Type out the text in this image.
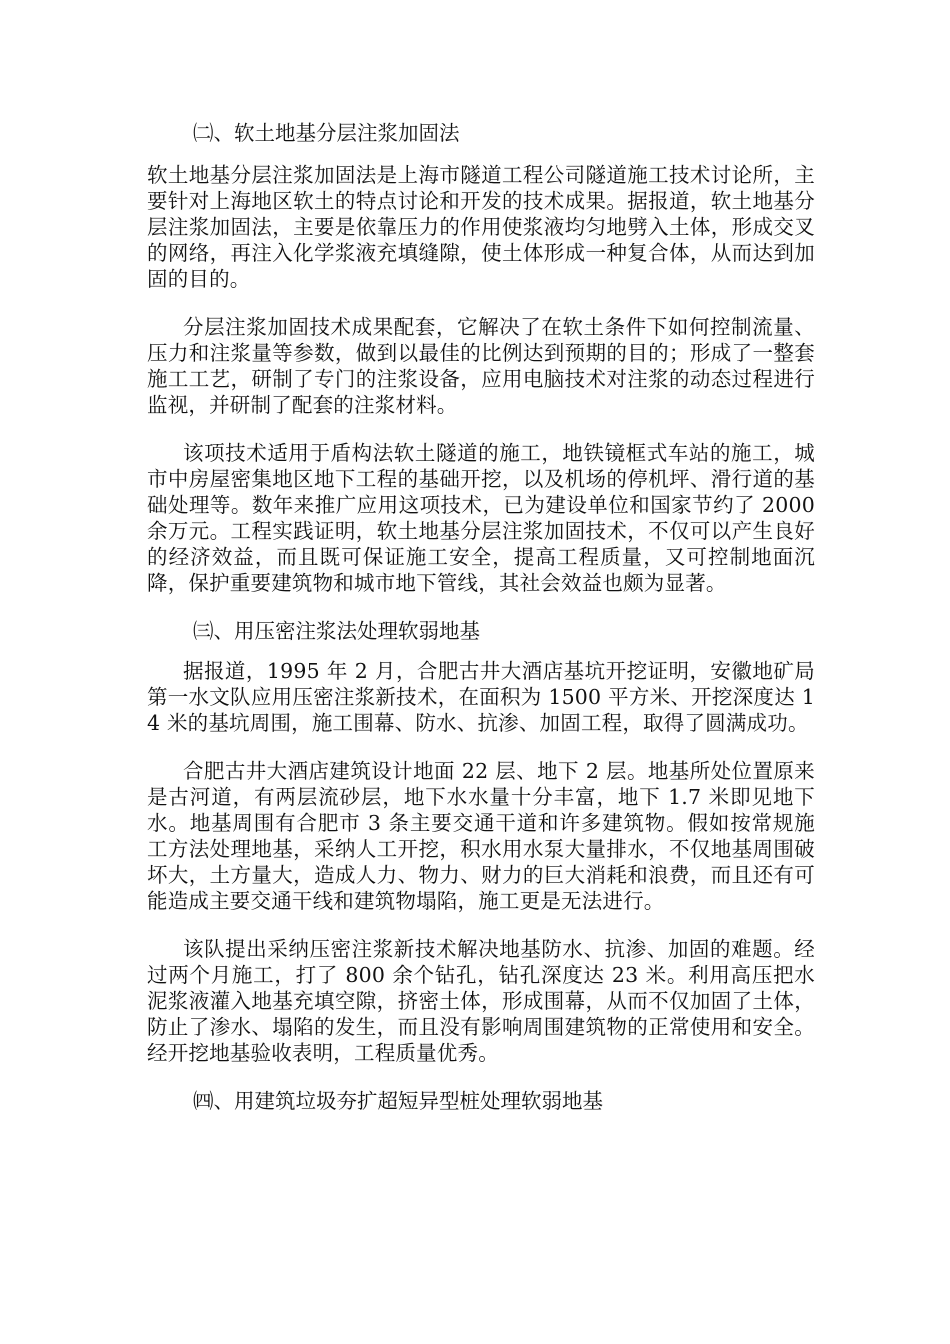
㈡、软土地基分层注浆加固法

软土地基分层注浆加固法是上海市隧道工程公司隧道施工技术讨论所，主要针对上海地区软土的特点讨论和开发的技术成果。据报道，软土地基分层注浆加固法，主要是依靠压力的作用使浆液均匀地劈入土体，形成交叉的网络，再注入化学浆液充填缝隙，使土体形成一种复合体，从而达到加固的目的。

分层注浆加固技术成果配套，它解决了在软土条件下如何控制流量、压力和注浆量等参数，做到以最佳的比例达到预期的目的；形成了一整套施工工艺，研制了专门的注浆设备，应用电脑技术对注浆的动态过程进行监视，并研制了配套的注浆材料。

该项技术适用于盾构法软土隧道的施工，地铁镜框式车站的施工，城市中房屋密集地区地下工程的基础开挖，以及机场的停机坪、滑行道的基础处理等。数年来推广应用这项技术，已为建设单位和国家节约了 2000 余万元。工程实践证明，软土地基分层注浆加固技术，不仅可以产生良好的经济效益，而且既可保证施工安全，提高工程质量，又可控制地面沉降，保护重要建筑物和城市地下管线，其社会效益也颇为显著。

㈢、用压密注浆法处理软弱地基

据报道，1995 年 2 月，合肥古井大酒店基坑开挖证明，安徽地矿局第一水文队应用压密注浆新技术，在面积为 1500 平方米、开挖深度达 14 米的基坑周围，施工围幕、防水、抗渗、加固工程，取得了圆满成功。

合肥古井大酒店建筑设计地面 22 层、地下 2 层。地基所处位置原来是古河道，有两层流砂层，地下水水量十分丰富，地下 1.7 米即见地下水。地基周围有合肥市 3 条主要交通干道和许多建筑物。假如按常规施工方法处理地基，采纳人工开挖，积水用水泵大量排水，不仅地基周围破坏大，土方量大，造成人力、物力、财力的巨大消耗和浪费，而且还有可能造成主要交通干线和建筑物塌陷，施工更是无法进行。

该队提出采纳压密注浆新技术解决地基防水、抗渗、加固的难题。经过两个月施工，打了 800 余个钻孔，钻孔深度达 23 米。利用高压把水泥浆液灌入地基充填空隙，挤密土体，形成围幕，从而不仅加固了土体，防止了渗水、塌陷的发生，而且没有影响周围建筑物的正常使用和安全。经开挖地基验收表明，工程质量优秀。

㈣、用建筑垃圾夯扩超短异型桩处理软弱地基
